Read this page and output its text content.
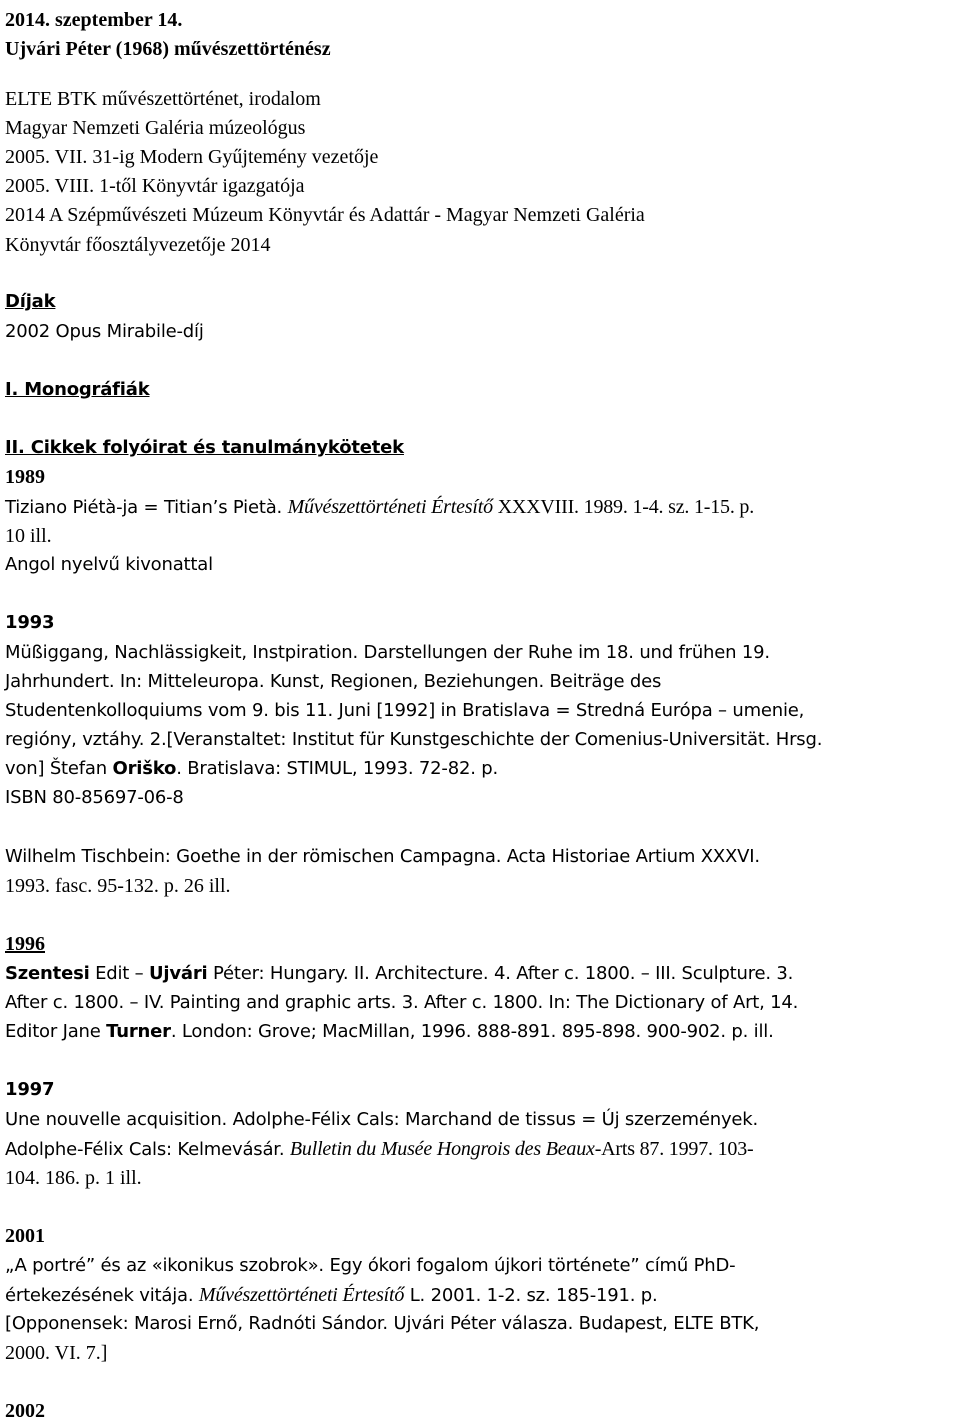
2014. szeptember 14.
Ujvári Péter (1968) művészettörténész
ELTE BTK művészettörténet, irodalom
Magyar Nemzeti Galéria múzeológus
2005. VII. 31-ig Modern Gyűjtemény vezetője
2005. VIII. 1-től Könyvtár igazgatója
2014 A Szépművészeti Múzeum Könyvtár és Adattár - Magyar Nemzeti Galéria
Könyvtár főosztályvezetője 2014
Díjak
2002 Opus Mirabile-díj
I. Monográfiák
II. Cikkek folyóirat és tanulmánykötetek
1989
Tiziano Piétà-ja = Titian’s Pietà. Művészettörténeti Értesítő XXXVIII. 1989. 1-4. sz. 1-15. p.
10 ill.
Angol nyelvű kivonattal
1993
Müßiggang, Nachlässigkeit, Instpiration. Darstellungen der Ruhe im 18. und frühen 19.
Jahrhundert. In: Mitteleuropa. Kunst, Regionen, Beziehungen. Beiträge des
Studentenkolloquiums vom 9. bis 11. Juni [1992] in Bratislava = Stredná Európa – umenie,
regióny, vztáhy. 2.[Veranstaltet: Institut für Kunstgeschichte der Comenius-Universität. Hrsg.
von] Štefan Oriško. Bratislava: STIMUL, 1993. 72-82. p.
ISBN 80-85697-06-8
Wilhelm Tischbein: Goethe in der römischen Campagna. Acta Historiae Artium XXXVI.
1993. fasc. 95-132. p. 26 ill.
1996
Szentesi Edit – Ujvári Péter: Hungary. II. Architecture. 4. After c. 1800. – III. Sculpture. 3.
After c. 1800. – IV. Painting and graphic arts. 3. After c. 1800. In: The Dictionary of Art, 14.
Editor Jane Turner. London: Grove; MacMillan, 1996. 888-891. 895-898. 900-902. p. ill.
1997
Une nouvelle acquisition. Adolphe-Félix Cals: Marchand de tissus = Új szerzemények.
Adolphe-Félix Cals: Kelmevásár. Bulletin du Musée Hongrois des Beaux-Arts 87. 1997. 103-
104. 186. p. 1 ill.
2001
„A portré” és az «ikonikus szobrok». Egy ókori fogalom újkori története” című PhD-
értekezésének vitája. Művészettörténeti Értesítő L. 2001. 1-2. sz. 185-191. p.
[Opponensek: Marosi Ernő, Radnóti Sándor. Ujvári Péter válasza. Budapest, ELTE BTK,
2000. VI. 7.]
2002
